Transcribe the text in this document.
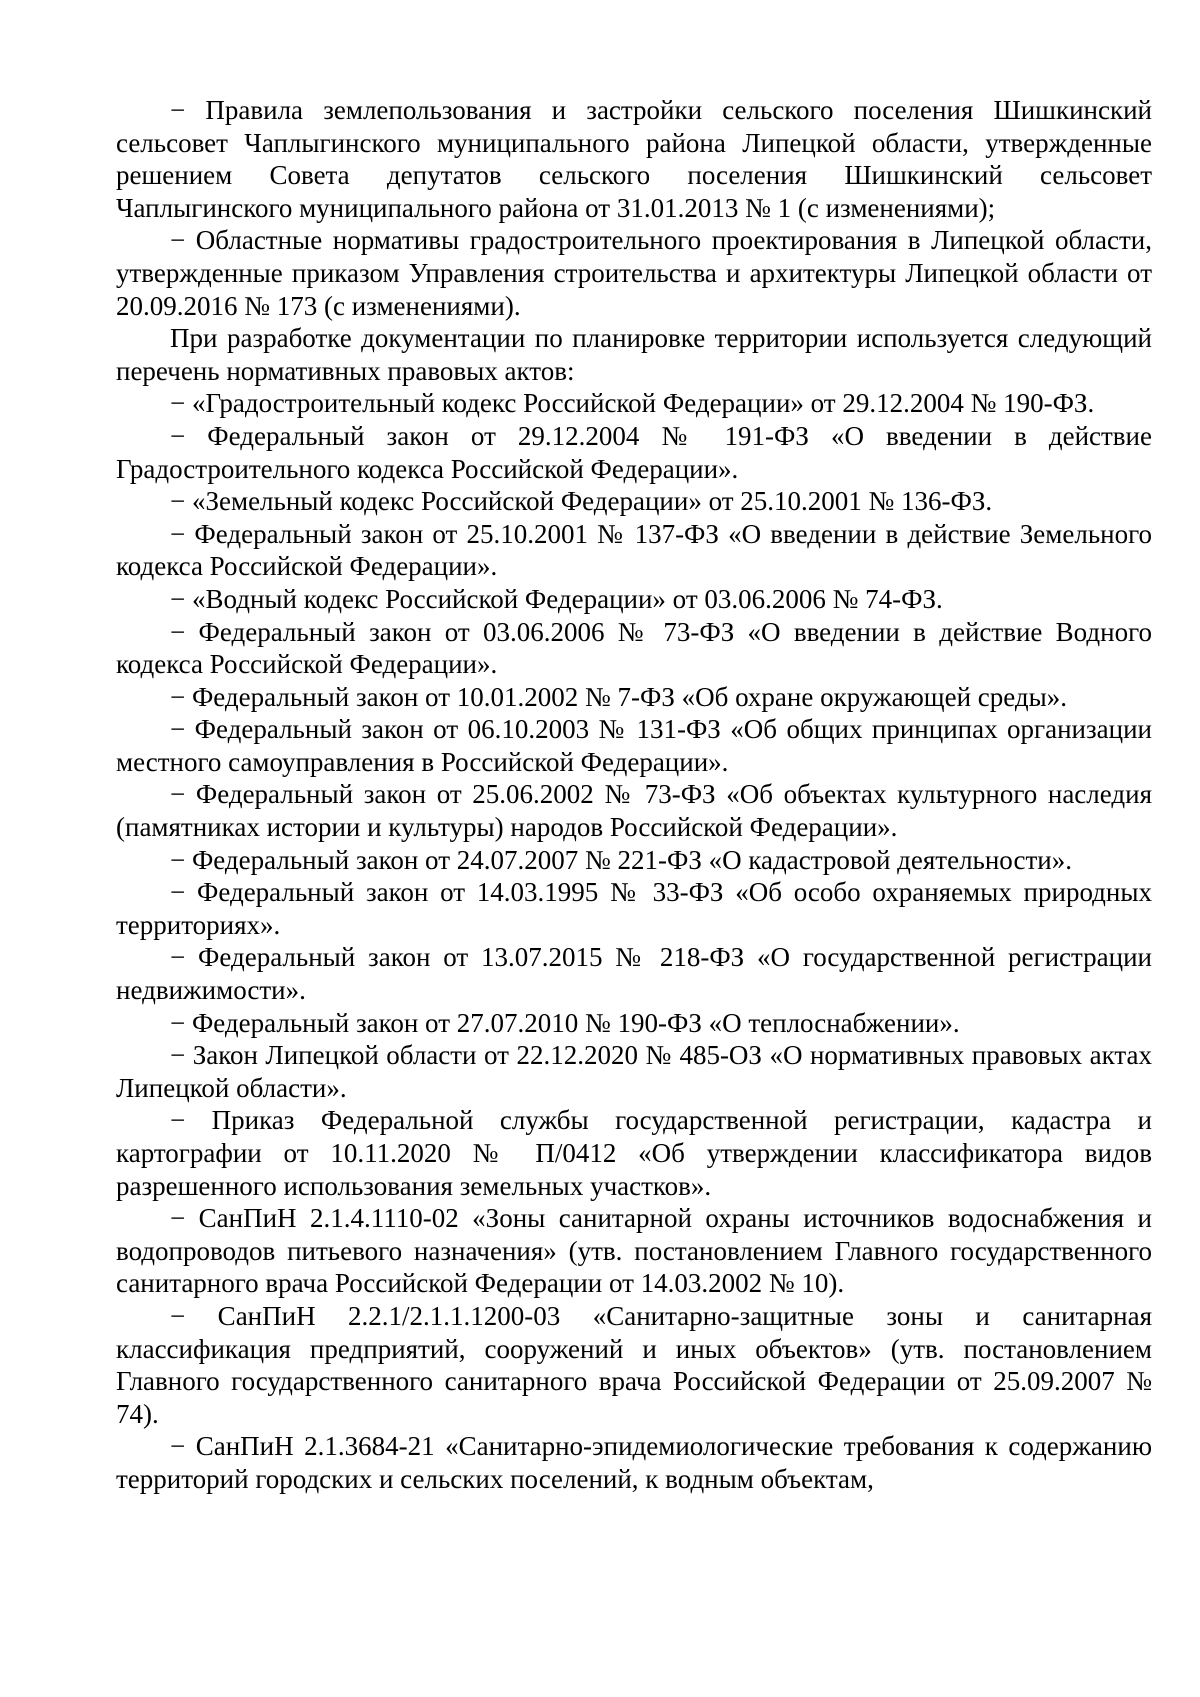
− Правила землепользования и застройки сельского поселения Шишкинский сельсовет Чаплыгинского муниципального района Липецкой области, утвержденные решением Совета депутатов сельского поселения Шишкинский сельсовет Чаплыгинского муниципального района от 31.01.2013 № 1 (с изменениями);

− Областные нормативы градостроительного проектирования в Липецкой области, утвержденные приказом Управления строительства и архитектуры Липецкой области от 20.09.2016 № 173 (с изменениями).

При разработке документации по планировке территории используется следующий перечень нормативных правовых актов:

− «Градостроительный кодекс Российской Федерации» от 29.12.2004 № 190-ФЗ.

− Федеральный закон от 29.12.2004 № 191-ФЗ «О введении в действие Градостроительного кодекса Российской Федерации».

− «Земельный кодекс Российской Федерации» от 25.10.2001 № 136-ФЗ.

− Федеральный закон от 25.10.2001 № 137-ФЗ «О введении в действие Земельного кодекса Российской Федерации».

− «Водный кодекс Российской Федерации» от 03.06.2006 № 74-ФЗ.

− Федеральный закон от 03.06.2006 № 73-ФЗ «О введении в действие Водного кодекса Российской Федерации».

− Федеральный закон от 10.01.2002 № 7-ФЗ «Об охране окружающей среды».

− Федеральный закон от 06.10.2003 № 131-ФЗ «Об общих принципах организации местного самоуправления в Российской Федерации».

− Федеральный закон от 25.06.2002 № 73-ФЗ «Об объектах культурного наследия (памятниках истории и культуры) народов Российской Федерации».

− Федеральный закон от 24.07.2007 № 221-ФЗ «О кадастровой деятельности».

− Федеральный закон от 14.03.1995 № 33-ФЗ «Об особо охраняемых природных территориях».

− Федеральный закон от 13.07.2015 № 218-ФЗ «О государственной регистрации недвижимости».

− Федеральный закон от 27.07.2010 № 190-ФЗ «О теплоснабжении».

− Закон Липецкой области от 22.12.2020 № 485-ОЗ «О нормативных правовых актах Липецкой области».

− Приказ Федеральной службы государственной регистрации, кадастра и картографии от 10.11.2020 № П/0412 «Об утверждении классификатора видов разрешенного использования земельных участков».

− СанПиН 2.1.4.1110-02 «Зоны санитарной охраны источников водоснабжения и водопроводов питьевого назначения» (утв. постановлением Главного государственного санитарного врача Российской Федерации от 14.03.2002 № 10).

− СанПиН 2.2.1/2.1.1.1200-03 «Санитарно-защитные зоны и санитарная классификация предприятий, сооружений и иных объектов» (утв. постановлением Главного государственного санитарного врача Российской Федерации от 25.09.2007 № 74).

− СанПиН 2.1.3684-21 «Санитарно-эпидемиологические требования к содержанию территорий городских и сельских поселений, к водным объектам,
